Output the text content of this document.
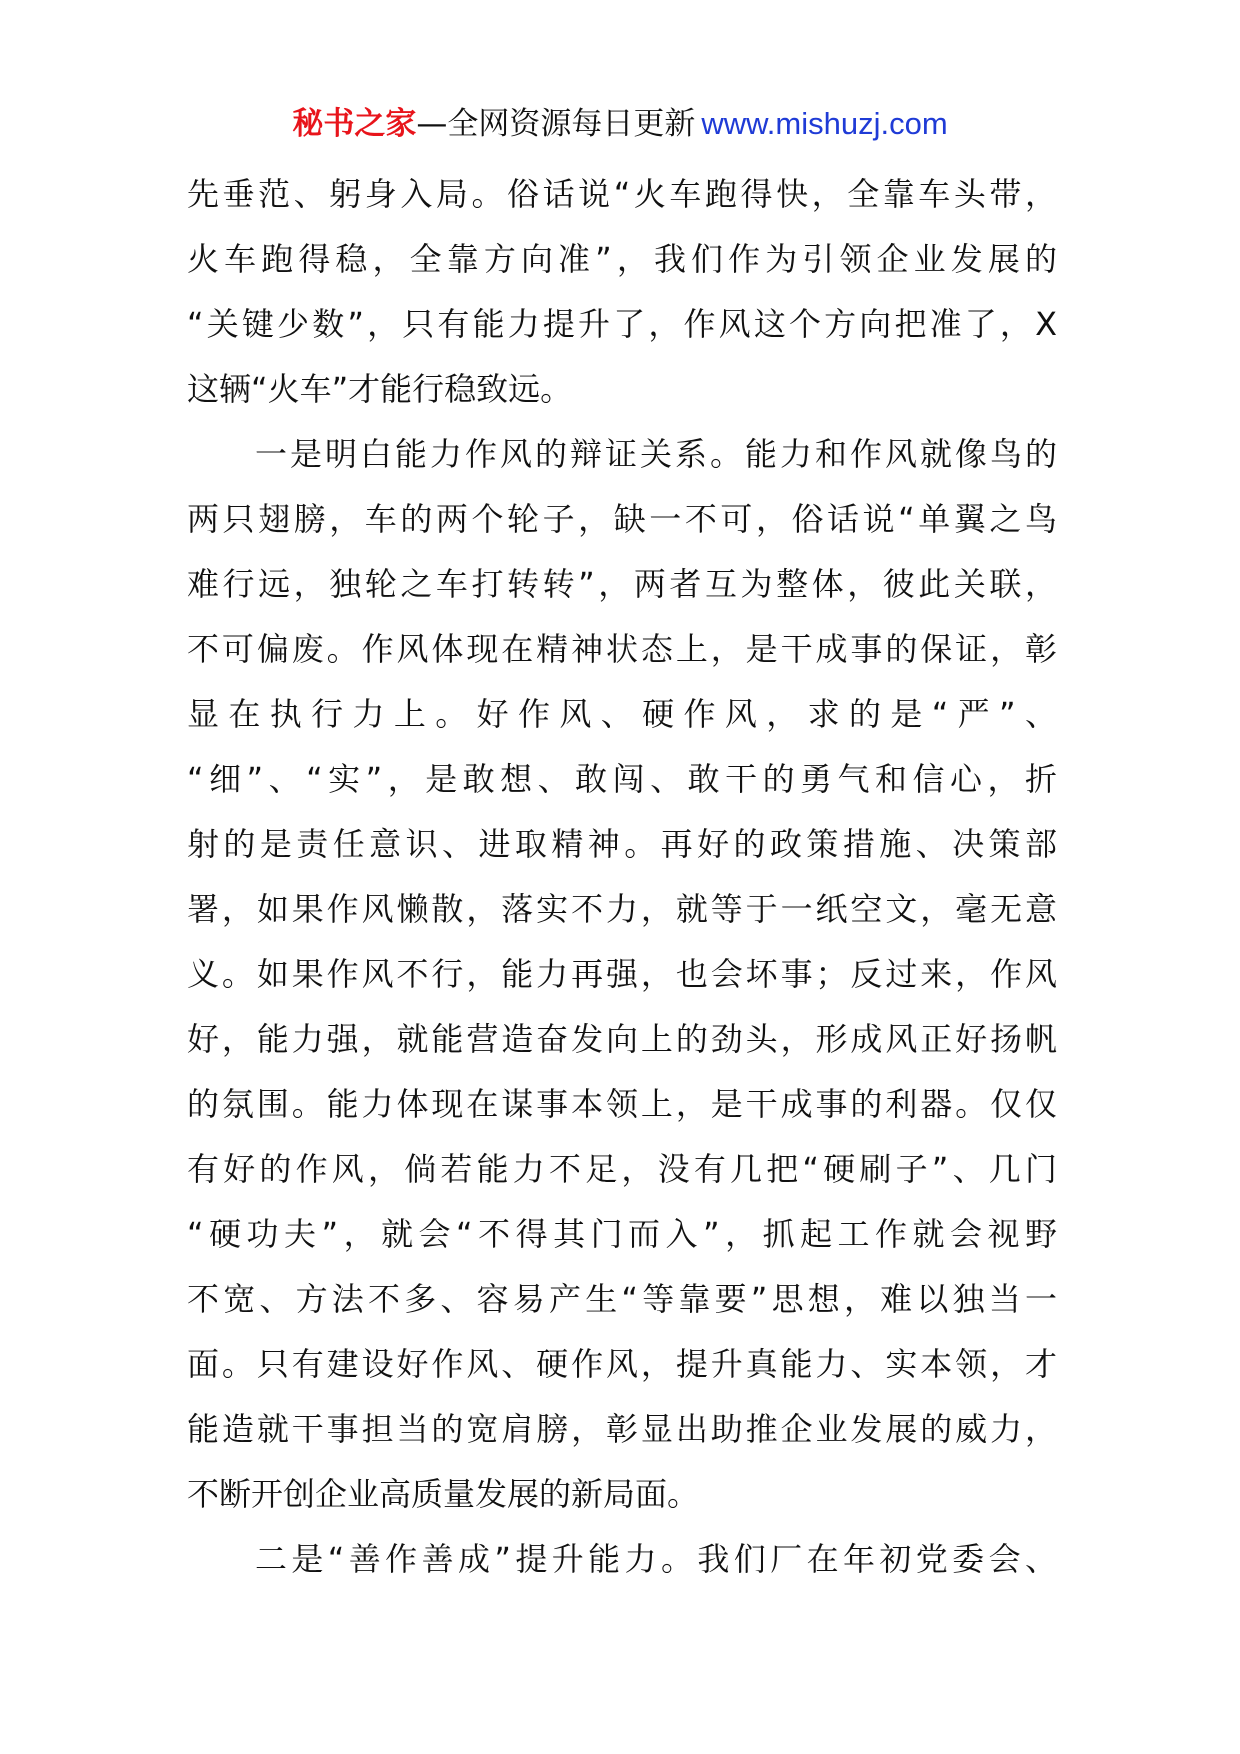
秘书之家—全网资源每日更新 www.mishuzj.com
先垂范、躬身入局。俗话说“火车跑得快，全靠车头带，
火车跑得稳，全靠方向准”，我们作为引领企业发展的
“关键少数”，只有能力提升了，作风这个方向把准了，X
这辆“火车”才能行稳致远。
一是明白能力作风的辩证关系。能力和作风就像鸟的
两只翅膀，车的两个轮子，缺一不可，俗话说“单翼之鸟
难行远，独轮之车打转转”，两者互为整体，彼此关联，
不可偏废。作风体现在精神状态上，是干成事的保证，彰
显在执行力上。好作风、硬作风，求的是“严”、
“细”、“实”，是敢想、敢闯、敢干的勇气和信心，折
射的是责任意识、进取精神。再好的政策措施、决策部
署，如果作风懒散，落实不力，就等于一纸空文，毫无意
义。如果作风不行，能力再强，也会坏事；反过来，作风
好，能力强，就能营造奋发向上的劲头，形成风正好扬帆
的氛围。能力体现在谋事本领上，是干成事的利器。仅仅
有好的作风，倘若能力不足，没有几把“硬刷子”、几门
“硬功夫”，就会“不得其门而入”，抓起工作就会视野
不宽、方法不多、容易产生“等靠要”思想，难以独当一
面。只有建设好作风、硬作风，提升真能力、实本领，才
能造就干事担当的宽肩膀，彰显出助推企业发展的威力，
不断开创企业高质量发展的新局面。
二是“善作善成”提升能力。我们厂在年初党委会、
